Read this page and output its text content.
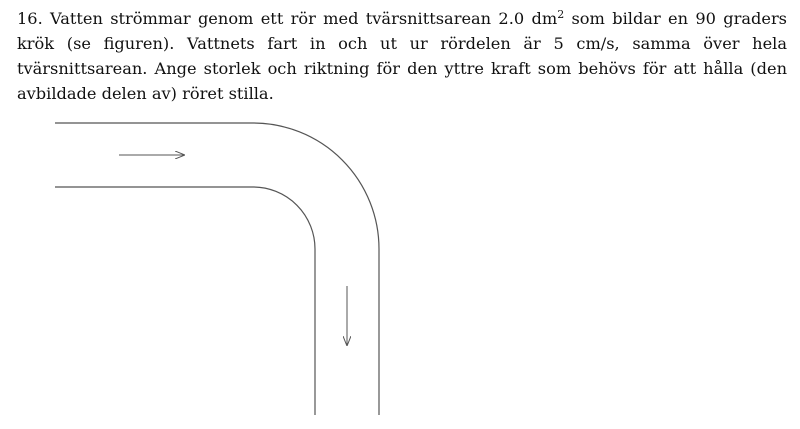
16. Vatten strömmar genom ett rör med tvärsnittsarean 2.0 $dm^2$ som bildar en 90 graders krök (se figuren). Vattnets fart in och ut ur rördelen är 5 cm/s, samma över hela tvärsnittsarean. Ange storlek och riktning för den yttre kraft som behövs för att hålla (den avbildade delen av) röret stilla.
